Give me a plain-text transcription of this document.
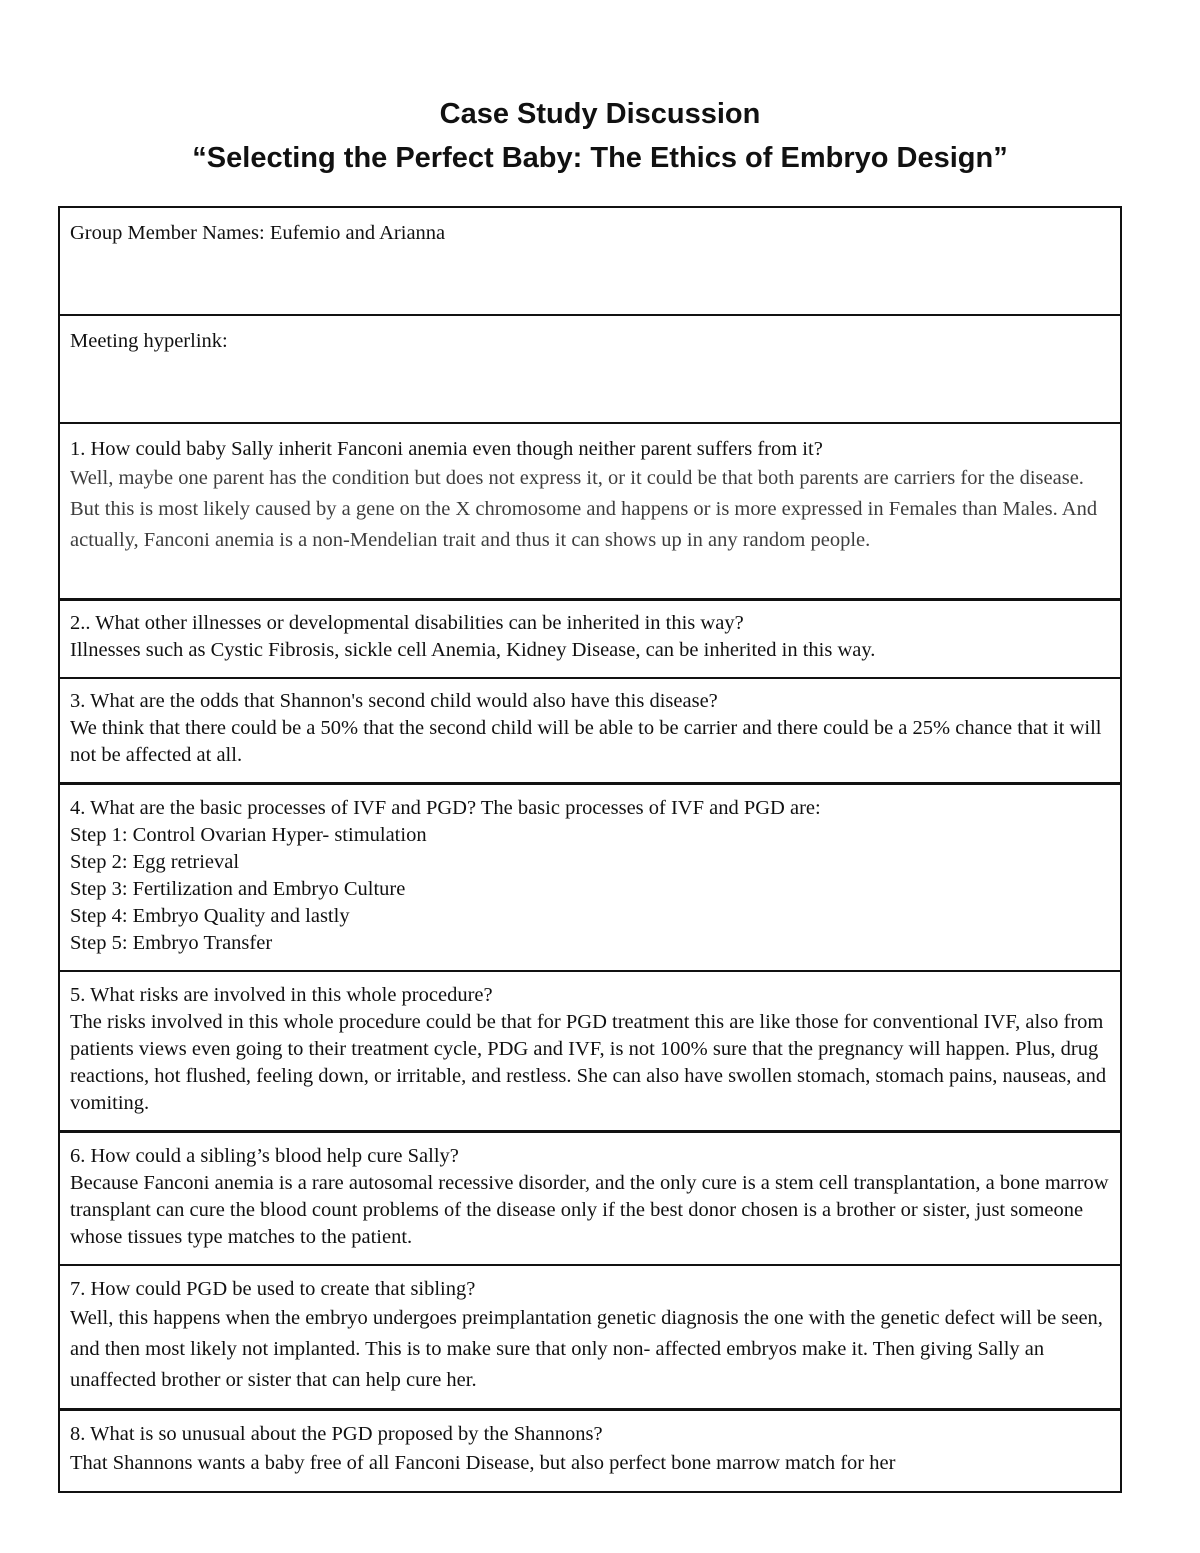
Case Study Discussion
“Selecting the Perfect Baby: The Ethics of Embryo Design”
Group Member Names: Eufemio and Arianna

Meeting hyperlink:

1. How could baby Sally inherit Fanconi anemia even though neither parent suffers from it?
Well, maybe one parent has the condition but does not express it, or it could be that both parents are carriers for the disease. But this is most likely caused by a gene on the X chromosome and happens or is more expressed in Females than Males. And actually, Fanconi anemia is a non-Mendelian trait and thus it can shows up in any random people.

2.. What other illnesses or developmental disabilities can be inherited in this way?
Illnesses such as Cystic Fibrosis, sickle cell Anemia, Kidney Disease, can be inherited in this way.

3. What are the odds that Shannon's second child would also have this disease?
We think that there could be a 50% that the second child will be able to be carrier and there could be a 25% chance that it will not be affected at all.

4. What are the basic processes of IVF and PGD? The basic processes of IVF and PGD are:
Step 1: Control Ovarian Hyper- stimulation
Step 2: Egg retrieval
Step 3: Fertilization and Embryo Culture
Step 4: Embryo Quality and lastly
Step 5: Embryo Transfer

5. What risks are involved in this whole procedure?
The risks involved in this whole procedure could be that for PGD treatment this are like those for conventional IVF, also from patients views even going to their treatment cycle, PDG and IVF, is not 100% sure that the pregnancy will happen. Plus, drug reactions, hot flushed, feeling down, or irritable, and restless. She can also have swollen stomach, stomach pains, nauseas, and vomiting.

6. How could a sibling’s blood help cure Sally?
Because Fanconi anemia is a rare autosomal recessive disorder, and the only cure is a stem cell transplantation, a bone marrow transplant can cure the blood count problems of the disease only if the best donor chosen is a brother or sister, just someone whose tissues type matches to the patient.

7. How could PGD be used to create that sibling?
Well, this happens when the embryo undergoes preimplantation genetic diagnosis the one with the genetic defect will be seen, and then most likely not implanted. This is to make sure that only non- affected embryos make it. Then giving Sally an unaffected brother or sister that can help cure her.

8. What is so unusual about the PGD proposed by the Shannons?
That Shannons wants a baby free of all Fanconi Disease, but also perfect bone marrow match for her
